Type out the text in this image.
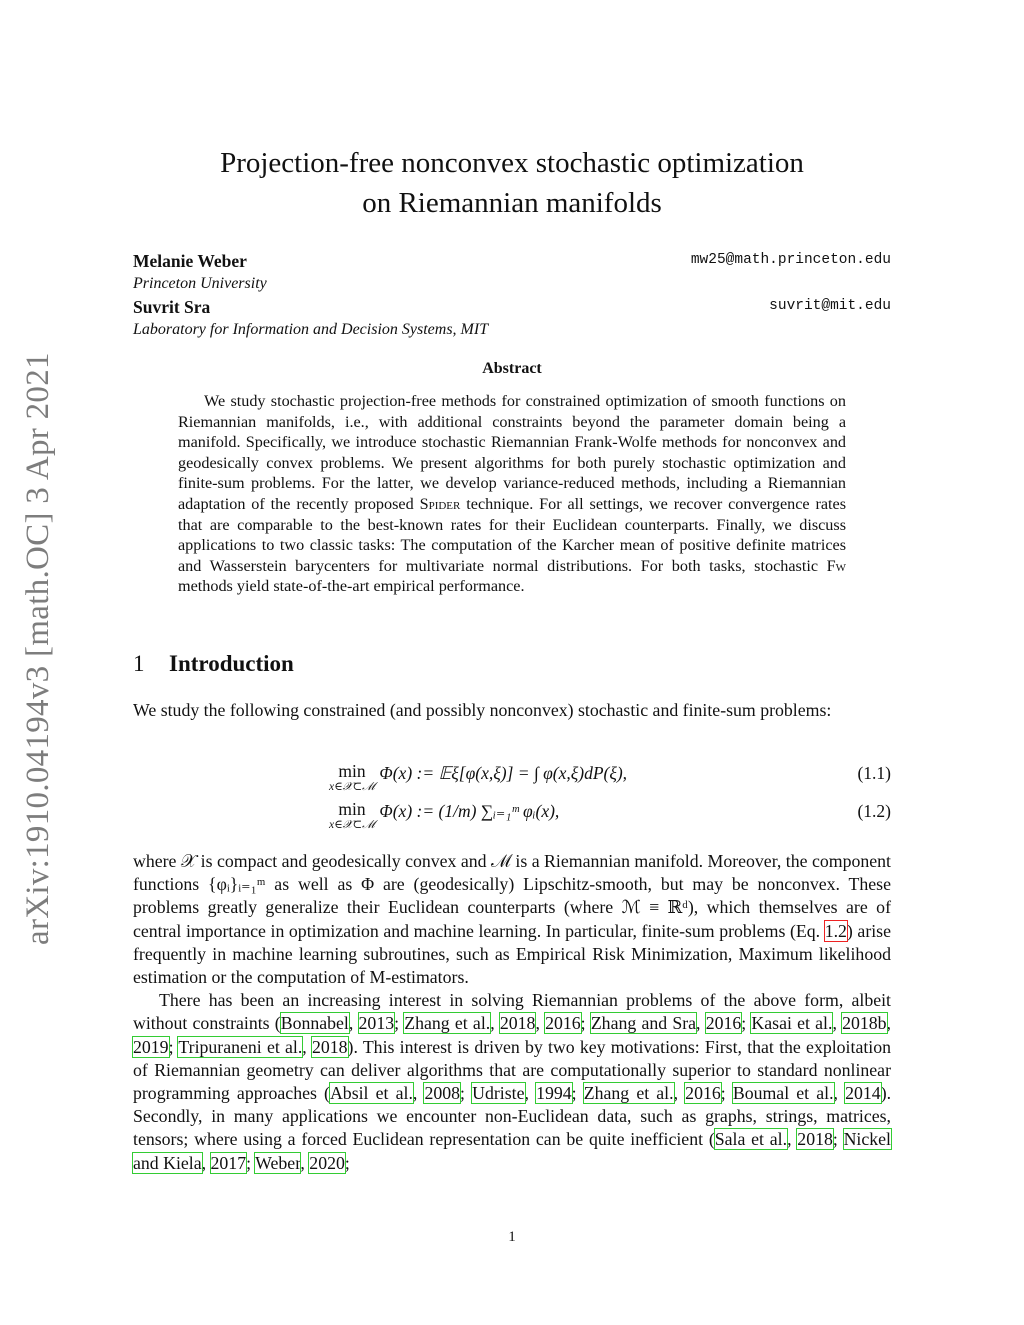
arXiv:1910.04194v3 [math.OC] 3 Apr 2021
Projection-free nonconvex stochastic optimization
on Riemannian manifolds
Melanie Weber	mw25@math.princeton.edu
Princeton University
Suvrit Sra	suvrit@mit.edu
Laboratory for Information and Decision Systems, MIT
Abstract

We study stochastic projection-free methods for constrained optimization of smooth functions on Riemannian manifolds, i.e., with additional constraints beyond the parameter domain being a manifold. Specifically, we introduce stochastic Riemannian Frank-Wolfe methods for nonconvex and geodesically convex problems. We present algorithms for both purely stochastic optimization and finite-sum problems. For the latter, we develop variance-reduced methods, including a Riemannian adaptation of the recently proposed Spider technique. For all settings, we recover convergence rates that are comparable to the best-known rates for their Euclidean counterparts. Finally, we discuss applications to two classic tasks: The computation of the Karcher mean of positive definite matrices and Wasserstein barycenters for multivariate normal distributions. For both tasks, stochastic Fw methods yield state-of-the-art empirical performance.

1 Introduction

We study the following constrained (and possibly nonconvex) stochastic and finite-sum problems:

min
x∈𝒳⊂ℳ
Φ(x) := 𝔼ξ[φ(x,ξ)] = ∫ φ(x,ξ)dP(ξ),	(1.1)
min
x∈𝒳⊂ℳ
Φ(x) := (1/m) ∑ᵢ₌₁ᵐ φᵢ(x),	(1.2)

where 𝒳 is compact and geodesically convex and ℳ is a Riemannian manifold. Moreover, the component functions {φᵢ}ᵢ₌₁ᵐ as well as Φ are (geodesically) Lipschitz-smooth, but may be nonconvex. These problems greatly generalize their Euclidean counterparts (where ℳ ≡ ℝᵈ), which themselves are of central importance in optimization and machine learning. In particular, finite-sum problems (Eq. 1.2) arise frequently in machine learning subroutines, such as Empirical Risk Minimization, Maximum likelihood estimation or the computation of M-estimators.

There has been an increasing interest in solving Riemannian problems of the above form, albeit without constraints (Bonnabel, 2013; Zhang et al., 2018, 2016; Zhang and Sra, 2016; Kasai et al., 2018b, 2019; Tripuraneni et al., 2018). This interest is driven by two key motivations: First, that the exploitation of Riemannian geometry can deliver algorithms that are computationally superior to standard nonlinear programming approaches (Absil et al., 2008; Udriste, 1994; Zhang et al., 2016; Boumal et al., 2014). Secondly, in many applications we encounter non-Euclidean data, such as graphs, strings, matrices, tensors; where using a forced Euclidean representation can be quite inefficient (Sala et al., 2018; Nickel and Kiela, 2017; Weber, 2020;

1
